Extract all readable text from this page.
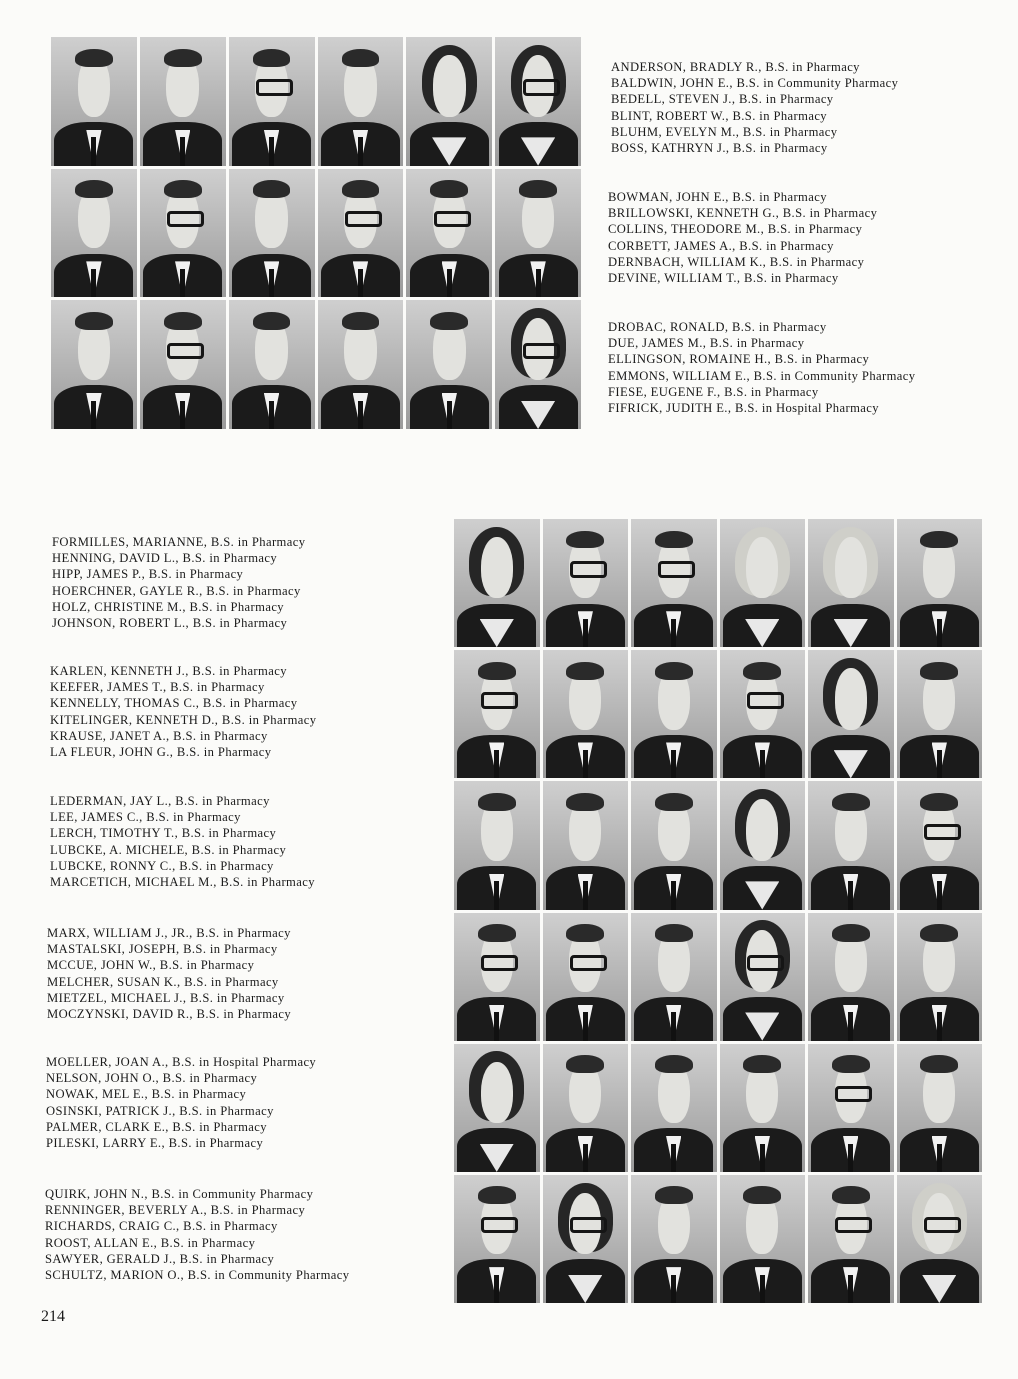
ANDERSON, BRADLY R., B.S. in Pharmacy
BALDWIN, JOHN E., B.S. in Community Pharmacy
BEDELL, STEVEN J., B.S. in Pharmacy
BLINT, ROBERT W., B.S. in Pharmacy
BLUHM, EVELYN M., B.S. in Pharmacy
BOSS, KATHRYN J., B.S. in Pharmacy
BOWMAN, JOHN E., B.S. in Pharmacy
BRILLOWSKI, KENNETH G., B.S. in Pharmacy
COLLINS, THEODORE M., B.S. in Pharmacy
CORBETT, JAMES A., B.S. in Pharmacy
DERNBACH, WILLIAM K., B.S. in Pharmacy
DEVINE, WILLIAM T., B.S. in Pharmacy
DROBAC, RONALD, B.S. in Pharmacy
DUE, JAMES M., B.S. in Pharmacy
ELLINGSON, ROMAINE H., B.S. in Pharmacy
EMMONS, WILLIAM E., B.S. in Community Pharmacy
FIESE, EUGENE F., B.S. in Pharmacy
FIFRICK, JUDITH E., B.S. in Hospital Pharmacy
FORMILLES, MARIANNE, B.S. in Pharmacy
HENNING, DAVID L., B.S. in Pharmacy
HIPP, JAMES P., B.S. in Pharmacy
HOERCHNER, GAYLE R., B.S. in Pharmacy
HOLZ, CHRISTINE M., B.S. in Pharmacy
JOHNSON, ROBERT L., B.S. in Pharmacy
KARLEN, KENNETH J., B.S. in Pharmacy
KEEFER, JAMES T., B.S. in Pharmacy
KENNELLY, THOMAS C., B.S. in Pharmacy
KITELINGER, KENNETH D., B.S. in Pharmacy
KRAUSE, JANET A., B.S. in Pharmacy
LA FLEUR, JOHN G., B.S. in Pharmacy
LEDERMAN, JAY L., B.S. in Pharmacy
LEE, JAMES C., B.S. in Pharmacy
LERCH, TIMOTHY T., B.S. in Pharmacy
LUBCKE, A. MICHELE, B.S. in Pharmacy
LUBCKE, RONNY C., B.S. in Pharmacy
MARCETICH, MICHAEL M., B.S. in Pharmacy
MARX, WILLIAM J., JR., B.S. in Pharmacy
MASTALSKI, JOSEPH, B.S. in Pharmacy
MCCUE, JOHN W., B.S. in Pharmacy
MELCHER, SUSAN K., B.S. in Pharmacy
MIETZEL, MICHAEL J., B.S. in Pharmacy
MOCZYNSKI, DAVID R., B.S. in Pharmacy
MOELLER, JOAN A., B.S. in Hospital Pharmacy
NELSON, JOHN O., B.S. in Pharmacy
NOWAK, MEL E., B.S. in Pharmacy
OSINSKI, PATRICK J., B.S. in Pharmacy
PALMER, CLARK E., B.S. in Pharmacy
PILESKI, LARRY E., B.S. in Pharmacy
QUIRK, JOHN N., B.S. in Community Pharmacy
RENNINGER, BEVERLY A., B.S. in Pharmacy
RICHARDS, CRAIG C., B.S. in Pharmacy
ROOST, ALLAN E., B.S. in Pharmacy
SAWYER, GERALD J., B.S. in Pharmacy
SCHULTZ, MARION O., B.S. in Community Pharmacy
214
